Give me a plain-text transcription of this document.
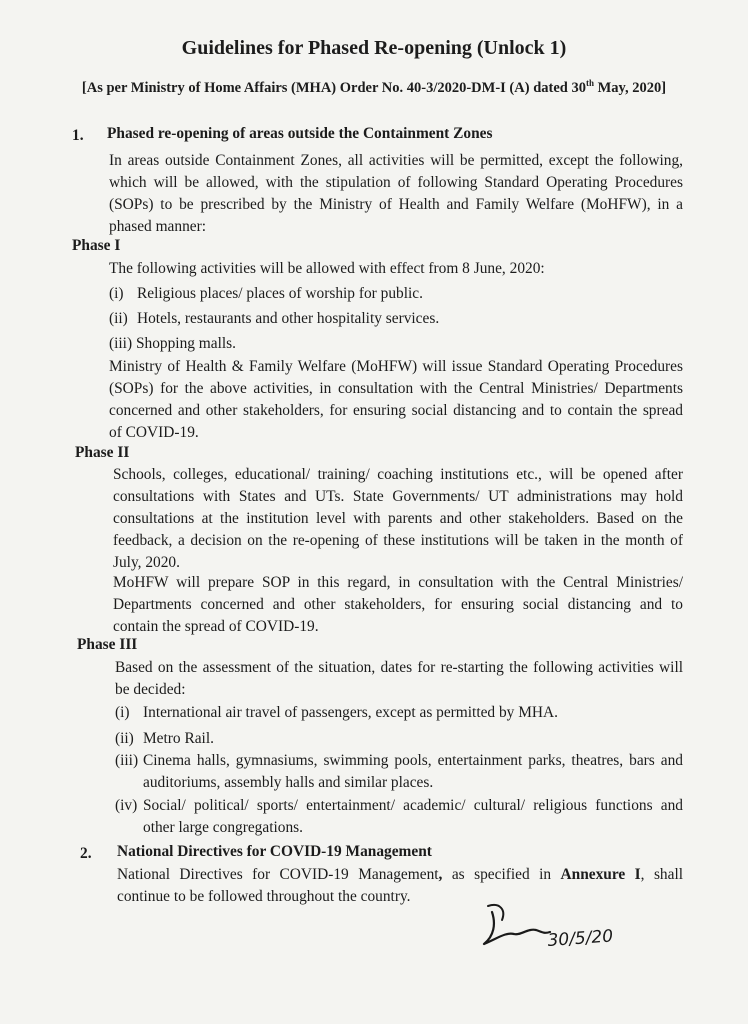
Guidelines for Phased Re-opening (Unlock 1)
[As per Ministry of Home Affairs (MHA) Order No. 40-3/2020-DM-I (A) dated 30th May, 2020]
1. Phased re-opening of areas outside the Containment Zones
In areas outside Containment Zones, all activities will be permitted, except the following,
which will be allowed, with the stipulation of following Standard Operating Procedures
(SOPs) to be prescribed by the Ministry of Health and Family Welfare (MoHFW), in a
phased manner:
Phase I
The following activities will be allowed with effect from 8 June, 2020:
(i) Religious places/ places of worship for public.
(ii) Hotels, restaurants and other hospitality services.
(iii) Shopping malls.
Ministry of Health & Family Welfare (MoHFW) will issue Standard Operating Procedures
(SOPs) for the above activities, in consultation with the Central Ministries/ Departments
concerned and other stakeholders, for ensuring social distancing and to contain the spread
of COVID-19.
Phase II
Schools, colleges, educational/ training/ coaching institutions etc., will be opened after
consultations with States and UTs. State Governments/ UT administrations may hold
consultations at the institution level with parents and other stakeholders. Based on the
feedback, a decision on the re-opening of these institutions will be taken in the month of
July, 2020.
MoHFW will prepare SOP in this regard, in consultation with the Central Ministries/
Departments concerned and other stakeholders, for ensuring social distancing and to
contain the spread of COVID-19.
Phase III
Based on the assessment of the situation, dates for re-starting the following activities will
be decided:
(i) International air travel of passengers, except as permitted by MHA.
(ii) Metro Rail.
(iii) Cinema halls, gymnasiums, swimming pools, entertainment parks, theatres, bars and
auditoriums, assembly halls and similar places.
(iv) Social/ political/ sports/ entertainment/ academic/ cultural/ religious functions and
other large congregations.
2. National Directives for COVID-19 Management
National Directives for COVID-19 Management, as specified in Annexure I, shall
continue to be followed throughout the country.
30/5/20
